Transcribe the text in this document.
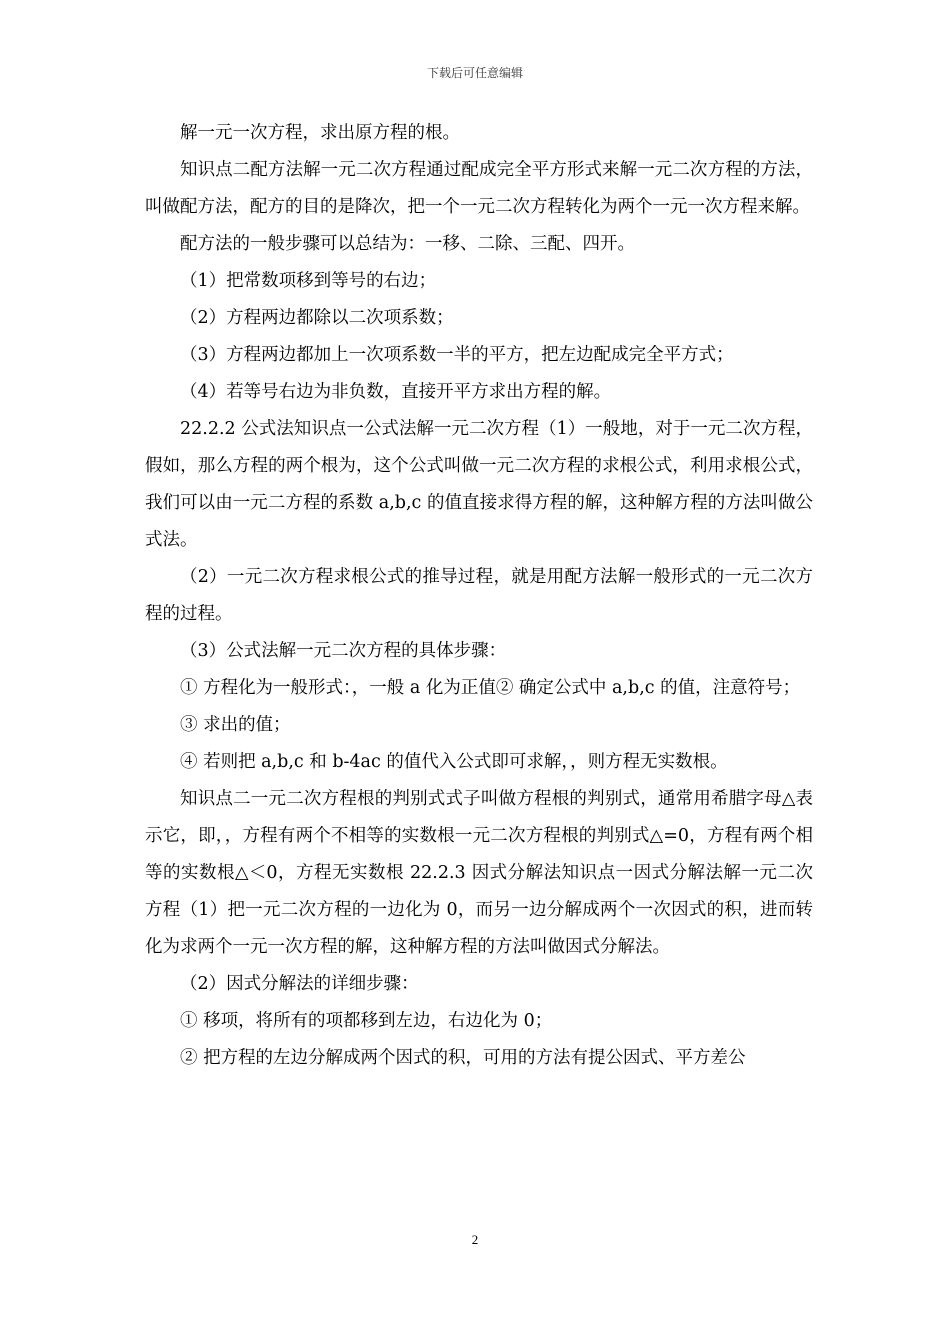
下载后可任意编辑

解一元一次方程，求出原方程的根。

知识点二配方法解一元二次方程通过配成完全平方形式来解一元二次方程的方法，叫做配方法，配方的目的是降次，把一个一元二次方程转化为两个一元一次方程来解。

配方法的一般步骤可以总结为：一移、二除、三配、四开。

（1）把常数项移到等号的右边；

（2）方程两边都除以二次项系数；

（3）方程两边都加上一次项系数一半的平方，把左边配成完全平方式；

（4）若等号右边为非负数，直接开平方求出方程的解。

22.2.2 公式法知识点一公式法解一元二次方程（1）一般地，对于一元二次方程，假如，那么方程的两个根为，这个公式叫做一元二次方程的求根公式，利用求根公式，我们可以由一元二方程的系数 a,b,c 的值直接求得方程的解，这种解方程的方法叫做公式法。

（2）一元二次方程求根公式的推导过程，就是用配方法解一般形式的一元二次方程的过程。

（3）公式法解一元二次方程的具体步骤：

① 方程化为一般形式：，一般 a 化为正值② 确定公式中 a,b,c 的值，注意符号；

③ 求出的值；

④ 若则把 a,b,c 和 b-4ac 的值代入公式即可求解，，则方程无实数根。

知识点二一元二次方程根的判别式式子叫做方程根的判别式，通常用希腊字母△表示它，即，，方程有两个不相等的实数根一元二次方程根的判别式△=0，方程有两个相等的实数根△＜0，方程无实数根 22.2.3 因式分解法知识点一因式分解法解一元二次方程（1）把一元二次方程的一边化为 0，而另一边分解成两个一次因式的积，进而转化为求两个一元一次方程的解，这种解方程的方法叫做因式分解法。

（2）因式分解法的详细步骤：

① 移项，将所有的项都移到左边，右边化为 0；

② 把方程的左边分解成两个因式的积，可用的方法有提公因式、平方差公

2
